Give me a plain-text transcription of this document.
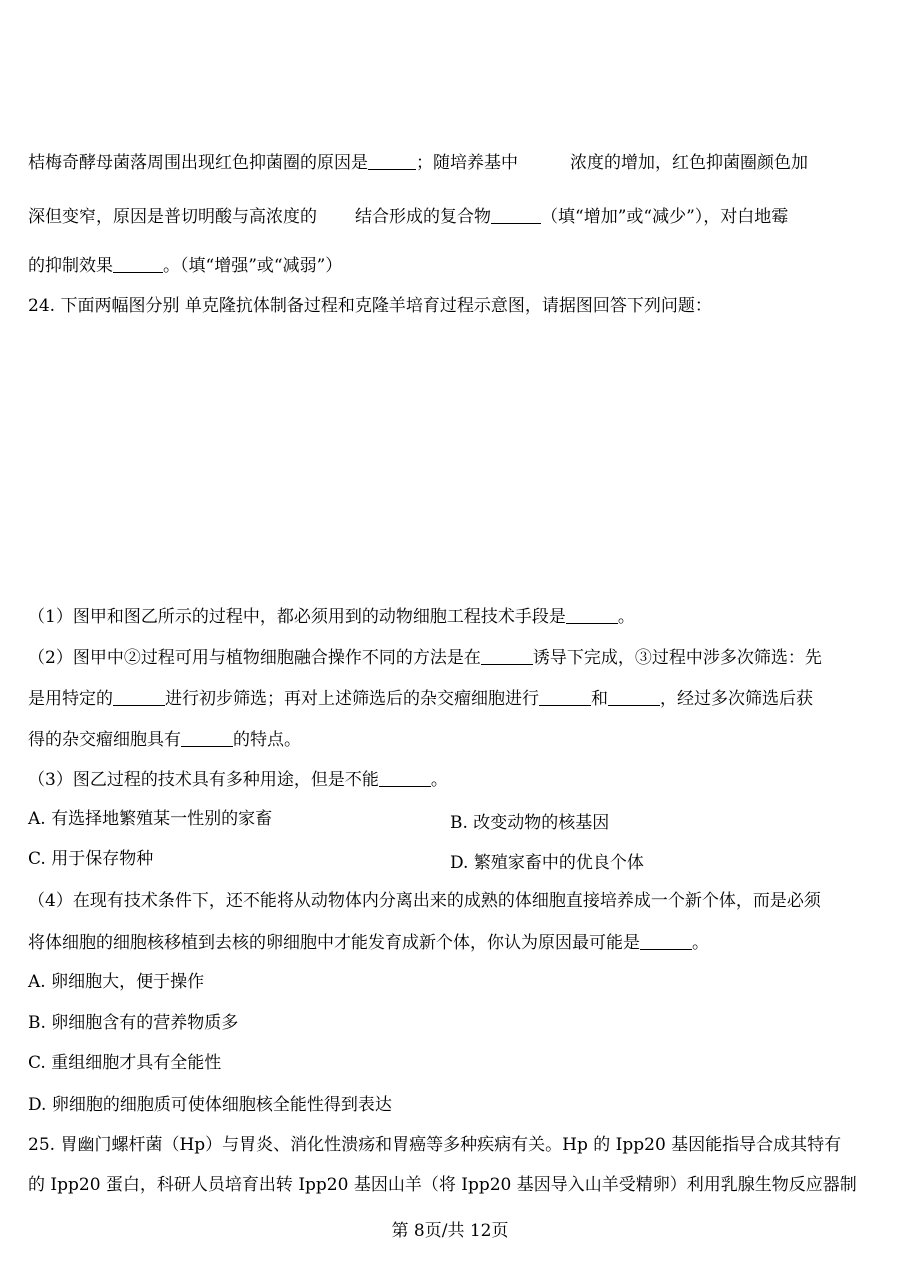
桔梅奇酵母菌落周围出现红色抑菌圈的原因是	；随培养基中	浓度的增加，红色抑菌圈颜色加
深但变窄，原因是普切明酸与高浓度的 结合形成的复合物	（填“增加”或“减少”），对白地霉
的抑制效果	。（填“增强”或“减弱”）
24. 下面两幅图分别 单克隆抗体制备过程和克隆羊培育过程示意图，请据图回答下列问题：
（1）图甲和图乙所示的过程中，都必须用到的动物细胞工程技术手段是	。
（2）图甲中②过程可用与植物细胞融合操作不同的方法是在	诱导下完成，③过程中涉多次筛选：先
是用特定的	进行初步筛选；再对上述筛选后的杂交瘤细胞进行	和	，经过多次筛选后获
得的杂交瘤细胞具有	的特点。
（3）图乙过程的技术具有多种用途，但是不能	。
A. 有选择地繁殖某一性别的家畜	B. 改变动物的核基因
C. 用于保存物种	D. 繁殖家畜中的优良个体
（4）在现有技术条件下，还不能将从动物体内分离出来的成熟的体细胞直接培养成一个新个体，而是必须
将体细胞的细胞核移植到去核的卵细胞中才能发育成新个体，你认为原因最可能是	。
A. 卵细胞大，便于操作
B. 卵细胞含有的营养物质多
C. 重组细胞才具有全能性
D. 卵细胞的细胞质可使体细胞核全能性得到表达
25. 胃幽门螺杆菌（Hp）与胃炎、消化性溃疡和胃癌等多种疾病有关。Hp 的 Ipp20 基因能指导合成其特有
的 Ipp20 蛋白，科研人员培育出转 Ipp20 基因山羊（将 Ipp20 基因导入山羊受精卵）利用乳腺生物反应器制
第 8页/共 12页
